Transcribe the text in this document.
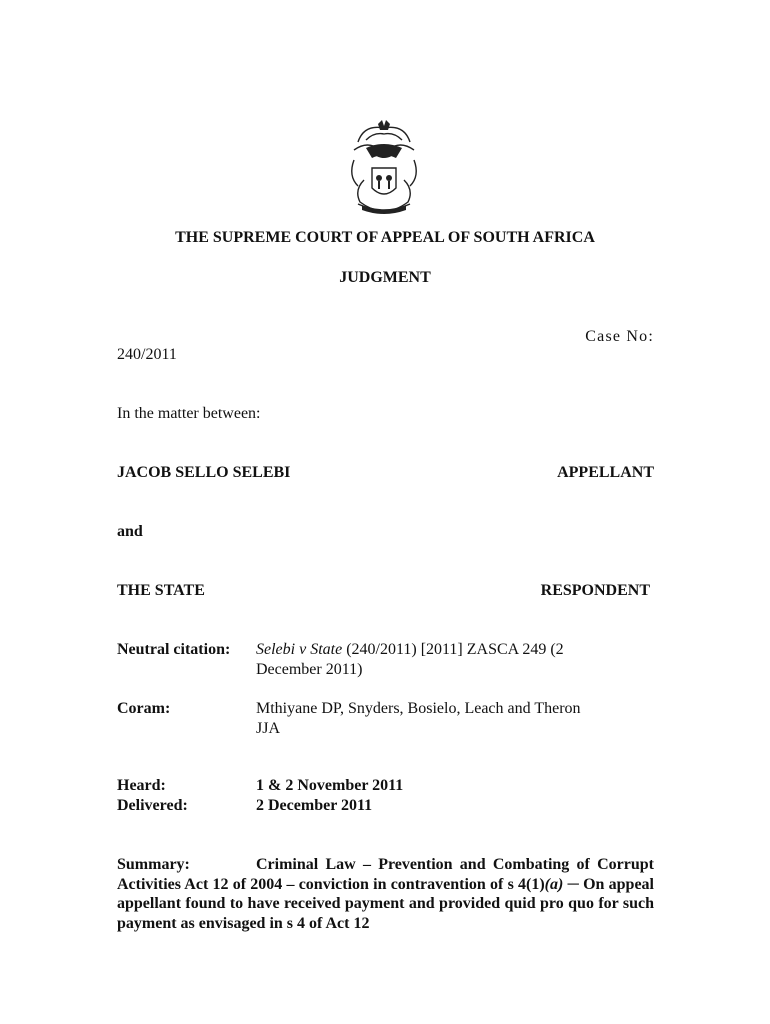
THE SUPREME COURT OF APPEAL OF SOUTH AFRICA
JUDGMENT
Case No:
240/2011
In the matter between:
JACOB SELLO SELEBI	APPELLANT
and
THE STATE	RESPONDENT
Neutral citation: Selebi v State (240/2011) [2011] ZASCA 249 (2
December 2011)
Coram:	Mthiyane DP, Snyders, Bosielo, Leach and Theron
JJA
Heard:	1 & 2 November 2011
Delivered:	2 December 2011
Summary:	Criminal Law – Prevention and Combating of Corrupt Activities Act 12 of 2004 – conviction in contravention of s 4(1)(a) ─ On appeal appellant found to have received payment and provided quid pro quo for such payment as envisaged in s 4 of Act 12
